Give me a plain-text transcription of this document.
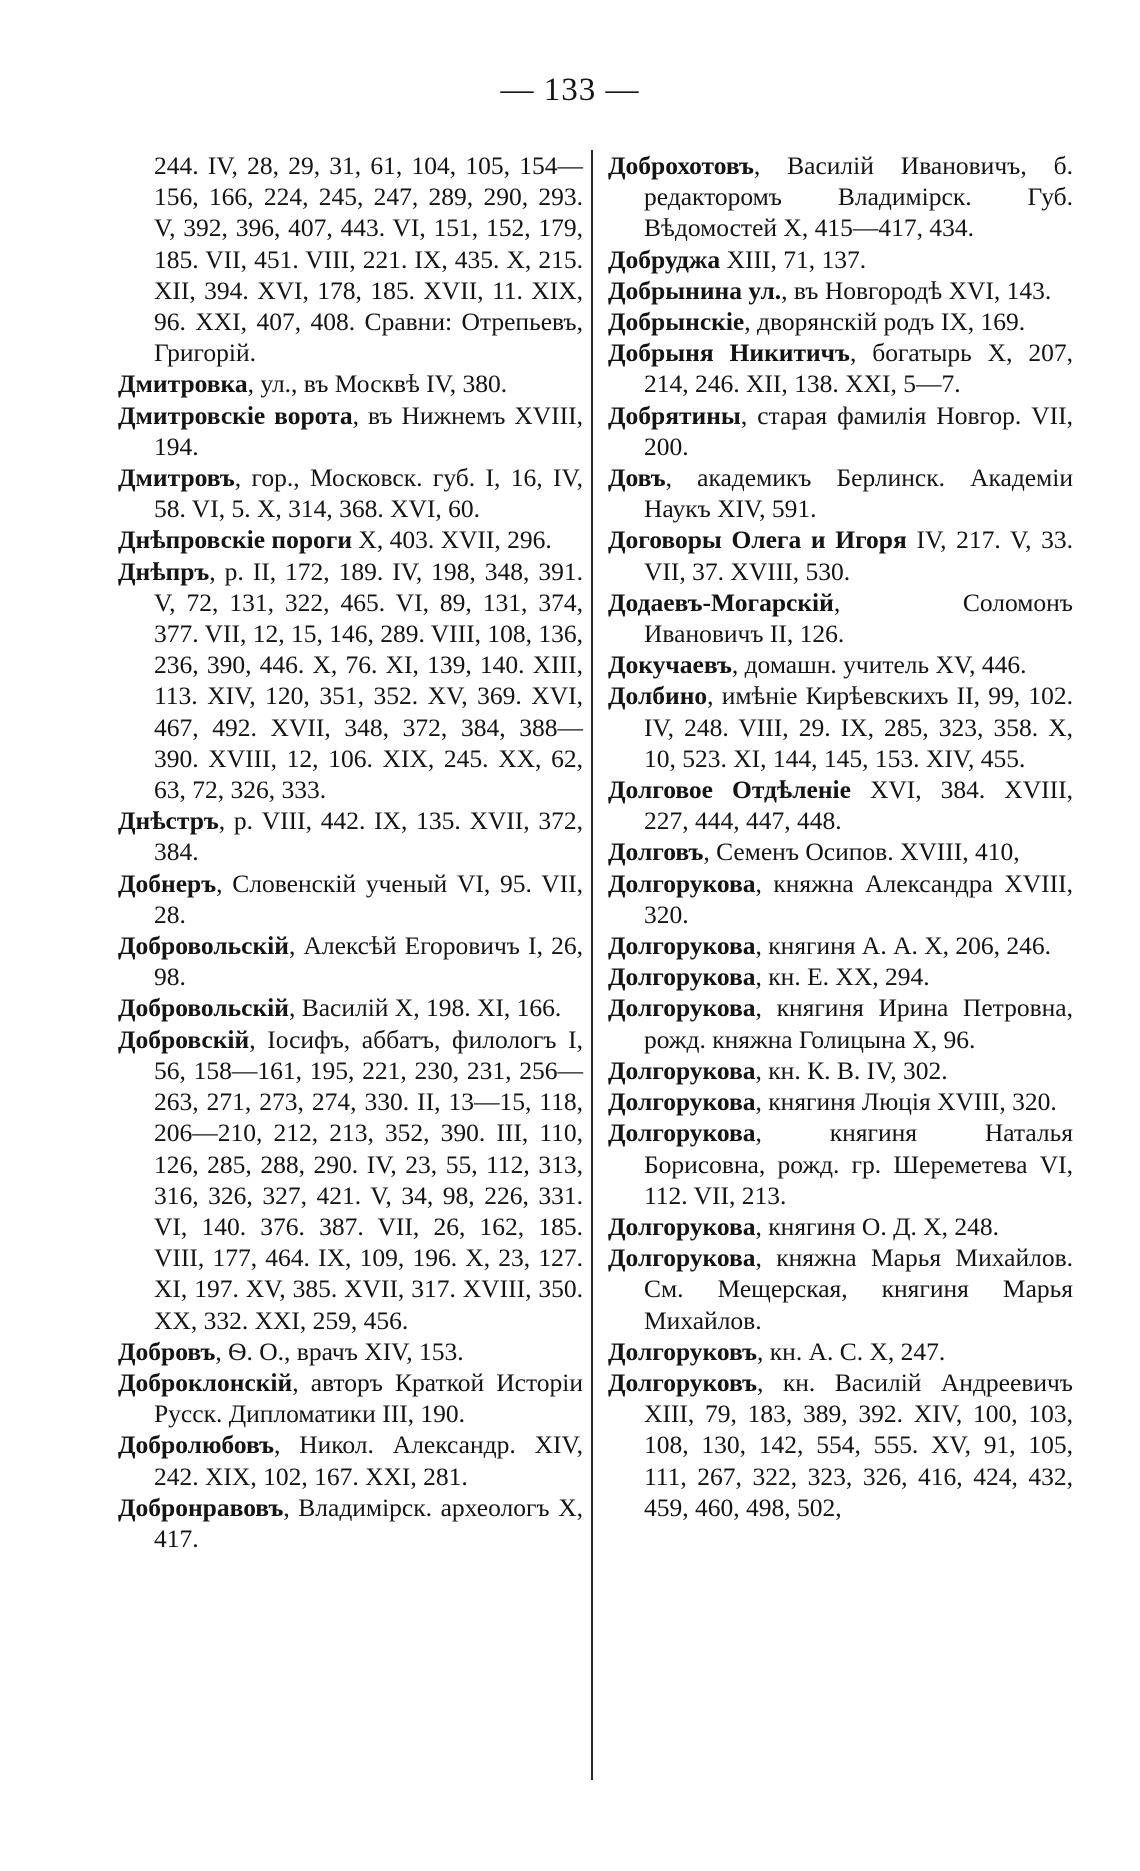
— 133 —

244. IV, 28, 29, 31, 61, 104, 105, 154—156, 166, 224, 245, 247, 289, 290, 293. V, 392, 396, 407, 443. VI, 151, 152, 179, 185. VII, 451. VIII, 221. IX, 435. X, 215. XII, 394. XVI, 178, 185. XVII, 11. XIX, 96. XXI, 407, 408. Сравни: Отрепьевъ, Григорій.

Дмитровка, ул., въ Москвѣ IV, 380.

Дмитровскіе ворота, въ Нижнемъ XVIII, 194.

Дмитровъ, гор., Московск. губ. I, 16, IV, 58. VI, 5. X, 314, 368. XVI, 60.

Днѣпровскіе пороги X, 403. XVII, 296.

Днѣпръ, р. II, 172, 189. IV, 198, 348, 391. V, 72, 131, 322, 465. VI, 89, 131, 374, 377. VII, 12, 15, 146, 289. VIII, 108, 136, 236, 390, 446. X, 76. XI, 139, 140. XIII, 113. XIV, 120, 351, 352. XV, 369. XVI, 467, 492. XVII, 348, 372, 384, 388—390. XVIII, 12, 106. XIX, 245. XX, 62, 63, 72, 326, 333.

Днѣстръ, р. VIII, 442. IX, 135. XVII, 372, 384.

Добнеръ, Словенскій ученый VI, 95. VII, 28.

Добровольскій, Алексѣй Егоровичъ I, 26, 98.

Добровольскій, Василій X, 198. XI, 166.

Добровскій, Іосифъ, аббатъ, филологъ I, 56, 158—161, 195, 221, 230, 231, 256—263, 271, 273, 274, 330. II, 13—15, 118, 206—210, 212, 213, 352, 390. III, 110, 126, 285, 288, 290. IV, 23, 55, 112, 313, 316, 326, 327, 421. V, 34, 98, 226, 331. VI, 140. 376. 387. VII, 26, 162, 185. VIII, 177, 464. IX, 109, 196. X, 23, 127. XI, 197. XV, 385. XVII, 317. XVIII, 350. XX, 332. XXI, 259, 456.

Добровъ, Ѳ. О., врачъ XIV, 153.

Доброклонскій, авторъ Краткой Исторіи Русск. Дипломатики III, 190.

Добролюбовъ, Никол. Александр. XIV, 242. XIX, 102, 167. XXI, 281.

Добронравовъ, Владимірск. археологъ X, 417.

Доброхотовъ, Василій Ивановичъ, б. редакторомъ Владимірск. Губ. Вѣдомостей X, 415—417, 434.

Добруджа XIII, 71, 137.

Добрынина ул., въ Новгородѣ XVI, 143.

Добрынскіе, дворянскій родъ IX, 169.

Добрыня Никитичъ, богатырь X, 207, 214, 246. XII, 138. XXI, 5—7.

Добрятины, старая фамилія Новгор. VII, 200.

Довъ, академикъ Берлинск. Академіи Наукъ XIV, 591.

Договоры Олега и Игоря IV, 217. V, 33. VII, 37. XVIII, 530.

Додаевъ-Могарскій, Соломонъ Ивановичъ II, 126.

Докучаевъ, домашн. учитель XV, 446.

Долбино, имѣніе Кирѣевскихъ II, 99, 102. IV, 248. VIII, 29. IX, 285, 323, 358. X, 10, 523. XI, 144, 145, 153. XIV, 455.

Долговое Отдѣленіе XVI, 384. XVIII, 227, 444, 447, 448.

Долговъ, Семенъ Осипов. XVIII, 410,

Долгорукова, княжна Александра XVIII, 320.

Долгорукова, княгиня А. А. X, 206, 246.

Долгорукова, кн. Е. XX, 294.

Долгорукова, княгиня Ирина Петровна, рожд. княжна Голицына X, 96.

Долгорукова, кн. К. В. IV, 302.

Долгорукова, княгиня Люція XVIII, 320.

Долгорукова, княгиня Наталья Борисовна, рожд. гр. Шереметева VI, 112. VII, 213.

Долгорукова, княгиня О. Д. X, 248.

Долгорукова, княжна Марья Михайлов. См. Мещерская, княгиня Марья Михайлов.

Долгоруковъ, кн. А. С. X, 247.

Долгоруковъ, кн. Василій Андреевичъ XIII, 79, 183, 389, 392. XIV, 100, 103, 108, 130, 142, 554, 555. XV, 91, 105, 111, 267, 322, 323, 326, 416, 424, 432, 459, 460, 498, 502,
